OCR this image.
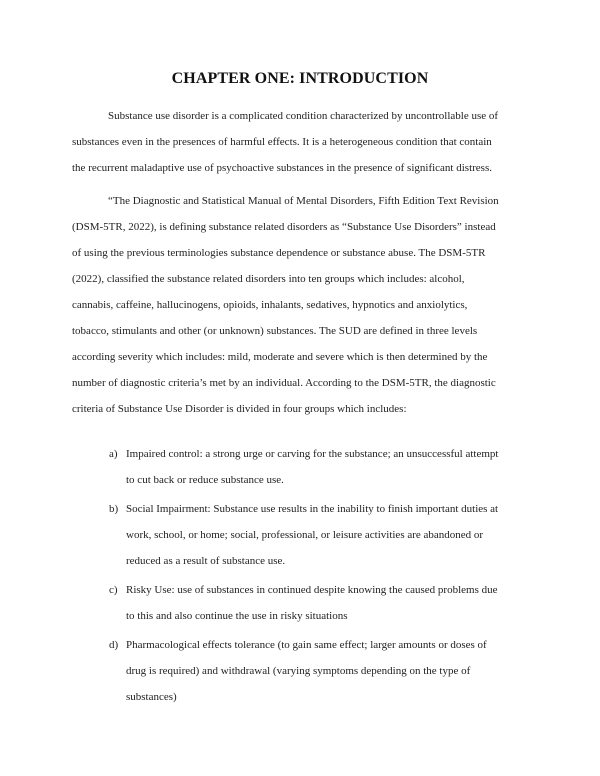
CHAPTER ONE: INTRODUCTION

Substance use disorder is a complicated condition characterized by uncontrollable use of
substances even in the presences of harmful effects. It is a heterogeneous condition that contain
the recurrent maladaptive use of psychoactive substances in the presence of significant distress.

“The Diagnostic and Statistical Manual of Mental Disorders, Fifth Edition Text Revision
(DSM-5TR, 2022), is defining substance related disorders as “Substance Use Disorders” instead
of using the previous terminologies substance dependence or substance abuse. The DSM-5TR
(2022), classified the substance related disorders into ten groups which includes: alcohol,
cannabis, caffeine, hallucinogens, opioids, inhalants, sedatives, hypnotics and anxiolytics,
tobacco, stimulants and other (or unknown) substances. The SUD are defined in three levels
according severity which includes: mild, moderate and severe which is then determined by the
number of diagnostic criteria’s met by an individual. According to the DSM-5TR, the diagnostic
criteria of Substance Use Disorder is divided in four groups which includes:

a) Impaired control: a strong urge or carving for the substance; an unsuccessful attempt
to cut back or reduce substance use.
b) Social Impairment: Substance use results in the inability to finish important duties at
work, school, or home; social, professional, or leisure activities are abandoned or
reduced as a result of substance use.
c) Risky Use: use of substances in continued despite knowing the caused problems due
to this and also continue the use in risky situations
d) Pharmacological effects tolerance (to gain same effect; larger amounts or doses of
drug is required) and withdrawal (varying symptoms depending on the type of
substances)
